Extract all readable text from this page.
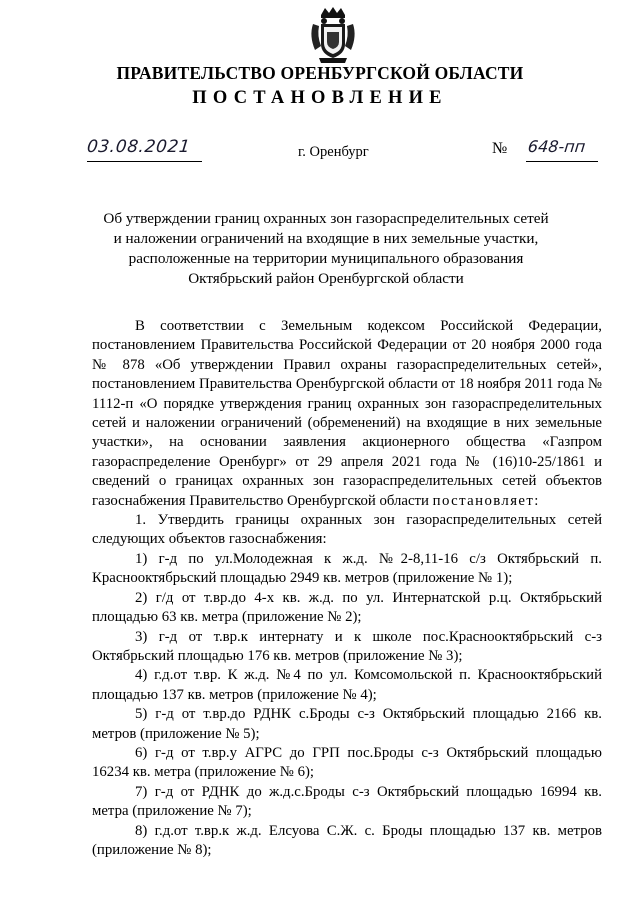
ПРАВИТЕЛЬСТВО ОРЕНБУРГСКОЙ ОБЛАСТИ
ПОСТАНОВЛЕНИЕ
03.08.2021	г. Оренбург	№ 648-пп
Об утверждении границ охранных зон газораспределительных сетей
и наложении ограничений на входящие в них земельные участки,
расположенные на территории муниципального образования
Октябрьский район Оренбургской области

В соответствии с Земельным кодексом Российской Федерации, постановлением Правительства Российской Федерации от 20 ноября 2000 года № 878 «Об утверждении Правил охраны газораспределительных сетей», постановлением Правительства Оренбургской области от 18 ноября 2011 года № 1112-п «О порядке утверждения границ охранных зон газораспределительных сетей и наложении ограничений (обременений) на входящие в них земельные участки», на основании заявления акционерного общества «Газпром газораспределение Оренбург» от 29 апреля 2021 года № (16)10-25/1861 и сведений о границах охранных зон газораспределительных сетей объектов газоснабжения Правительство Оренбургской области постановляет:

1. Утвердить границы охранных зон газораспределительных сетей следующих объектов газоснабжения:

1) г-д по ул.Молодежная к ж.д. №2-8,11-16 с/з Октябрьский п. Краснооктябрьский площадью 2949 кв. метров (приложение № 1);

2) г/д от т.вр.до 4-х кв. ж.д. по ул. Интернатской р.ц. Октябрьский площадью 63 кв. метра (приложение № 2);

3) г-д от т.вр.к интернату и к школе пос.Краснооктябрьский с-з Октябрьский площадью 176 кв. метров (приложение № 3);

4) г.д.от т.вр. К ж.д. №4 по ул. Комсомольской п. Краснооктябрьский площадью 137 кв. метров (приложение № 4);

5) г-д от т.вр.до РДНК с.Броды с-з Октябрьский площадью 2166 кв. метров (приложение № 5);

6) г-д от т.вр.у АГРС до ГРП пос.Броды с-з Октябрьский площадью 16234 кв. метра (приложение № 6);

7) г-д от РДНК до ж.д.с.Броды с-з Октябрьский площадью 16994 кв. метра (приложение № 7);

8) г.д.от т.вр.к ж.д. Елсуова С.Ж. с. Броды площадью 137 кв. метров (приложение № 8);
